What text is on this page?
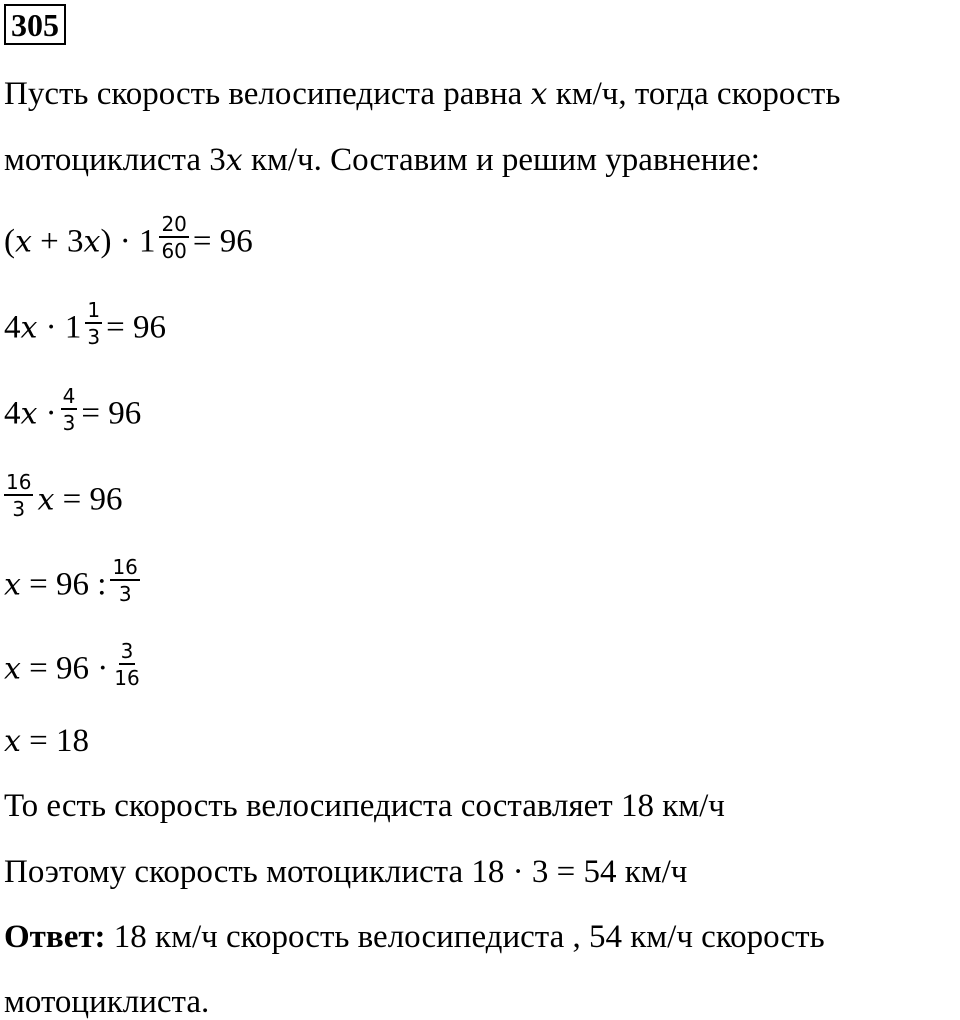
305
Пусть скорость велосипедиста равна x км/ч, тогда скорость
мотоциклиста 3x км/ч. Составим и решим уравнение:
$(x + 3x) \cdot 1 \frac{20}{60} = 96$
$4x \cdot 1 \frac{1}{3} = 96$
$4x \cdot \frac{4}{3} = 96$
$\frac{16}{3}$ x = 96
x = 96 : $\frac{16}{3}$
$x = 96 \cdot \frac{3}{16}$
x = 18
То есть скорость велосипедиста составляет 18 км/ч
Поэтому скорость мотоциклиста 18 · 3 = 54 км/ч
Ответ: 18 км/ч скорость велосипедиста , 54 км/ч скорость
мотоциклиста.
